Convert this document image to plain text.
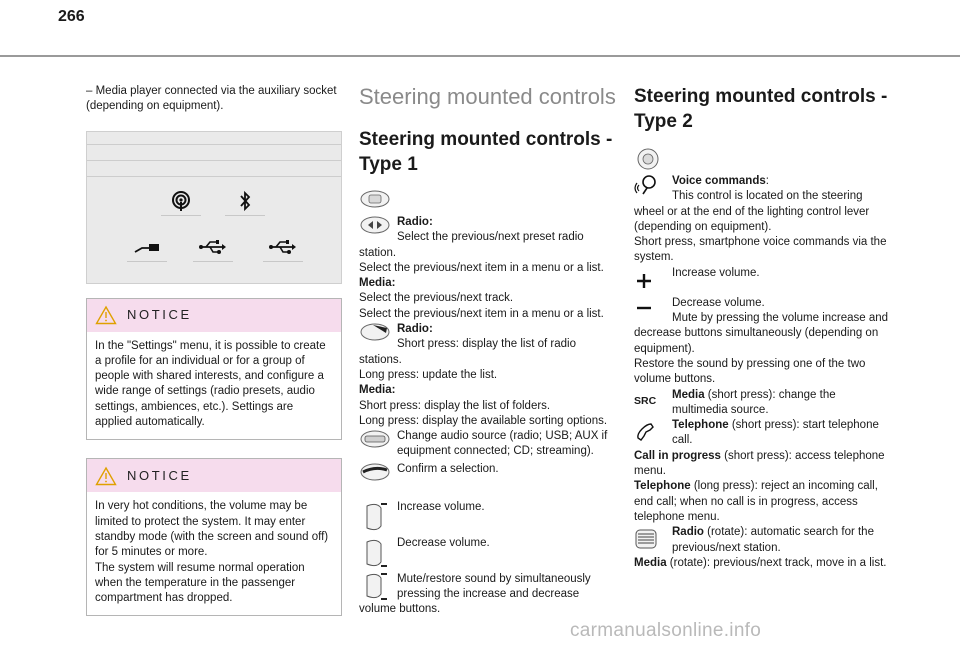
266

– Media player connected via the auxiliary socket (depending on equipment).

NOTICE

In the "Settings" menu, it is possible to create a profile for an individual or for a group of people with shared interests, and configure a wide range of settings (radio presets, audio settings, ambiences, etc.). Settings are applied automatically.

NOTICE

In very hot conditions, the volume may be limited to protect the system. It may enter standby mode (with the screen and sound off) for 5 minutes or more.
The system will resume normal operation when the temperature in the passenger compartment has dropped.

Steering mounted controls
Steering mounted controls - Type 1

Radio:

Select the previous/next preset radio station.

Select the previous/next item in a menu or a list.

Media:

Select the previous/next track.

Select the previous/next item in a menu or a list.

Radio:

Short press: display the list of radio stations.

Long press: update the list.

Media:

Short press: display the list of folders.

Long press: display the available sorting options.

Change audio source (radio; USB; AUX if equipment connected; CD; streaming).

Confirm a selection.

Increase volume.

Decrease volume.

Mute/restore sound by simultaneously pressing the increase and decrease volume buttons.

Steering mounted controls - Type 2

Voice commands:

This control is located on the steering wheel or at the end of the lighting control lever (depending on equipment).

Short press, smartphone voice commands via the system.

Increase volume.

Decrease volume.

Mute by pressing the volume increase and decrease buttons simultaneously (depending on equipment).

Restore the sound by pressing one of the two volume buttons.

SRC

Media (short press): change the multimedia source.

Telephone (short press): start telephone call.

Call in progress (short press): access telephone menu.

Telephone (long press): reject an incoming call, end call; when no call is in progress, access telephone menu.

Radio (rotate): automatic search for the previous/next station.

Media (rotate): previous/next track, move in a list.

carmanualsonline.info
